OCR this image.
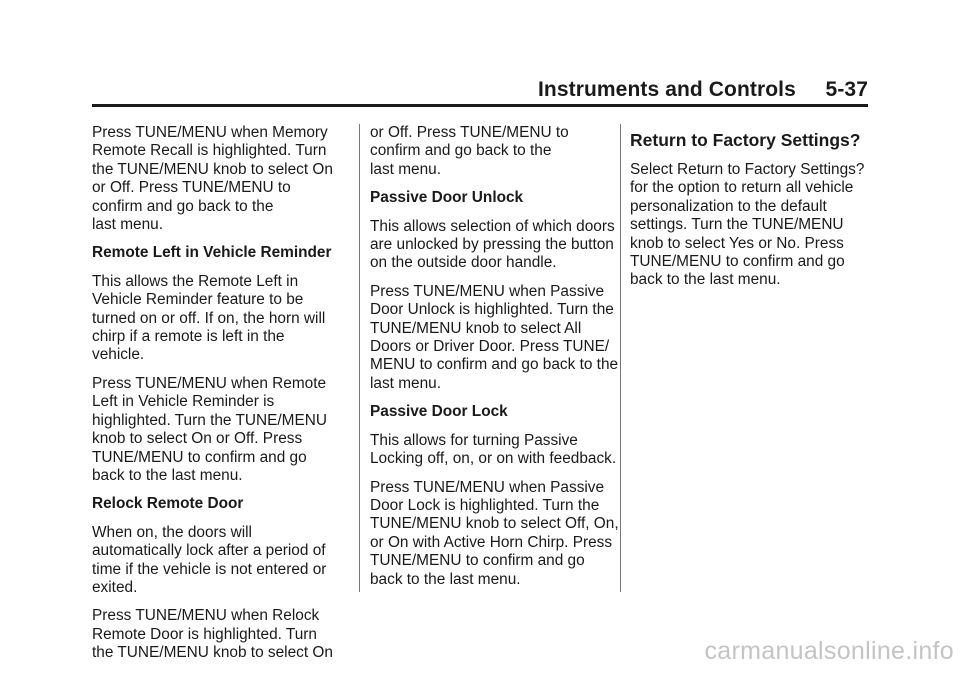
Instruments and Controls     5-37
Press TUNE/MENU when Memory
Remote Recall is highlighted. Turn
the TUNE/MENU knob to select On
or Off. Press TUNE/MENU to
confirm and go back to the
last menu.
Remote Left in Vehicle Reminder
This allows the Remote Left in
Vehicle Reminder feature to be
turned on or off. If on, the horn will
chirp if a remote is left in the
vehicle.
Press TUNE/MENU when Remote
Left in Vehicle Reminder is
highlighted. Turn the TUNE/MENU
knob to select On or Off. Press
TUNE/MENU to confirm and go
back to the last menu.
Relock Remote Door
When on, the doors will
automatically lock after a period of
time if the vehicle is not entered or
exited.
Press TUNE/MENU when Relock
Remote Door is highlighted. Turn
the TUNE/MENU knob to select On
or Off. Press TUNE/MENU to
confirm and go back to the
last menu.
Passive Door Unlock
This allows selection of which doors
are unlocked by pressing the button
on the outside door handle.
Press TUNE/MENU when Passive
Door Unlock is highlighted. Turn the
TUNE/MENU knob to select All
Doors or Driver Door. Press TUNE/
MENU to confirm and go back to the
last menu.
Passive Door Lock
This allows for turning Passive
Locking off, on, or on with feedback.
Press TUNE/MENU when Passive
Door Lock is highlighted. Turn the
TUNE/MENU knob to select Off, On,
or On with Active Horn Chirp. Press
TUNE/MENU to confirm and go
back to the last menu.
Return to Factory Settings?
Select Return to Factory Settings?
for the option to return all vehicle
personalization to the default
settings. Turn the TUNE/MENU
knob to select Yes or No. Press
TUNE/MENU to confirm and go
back to the last menu.
carmanualsonline.info
